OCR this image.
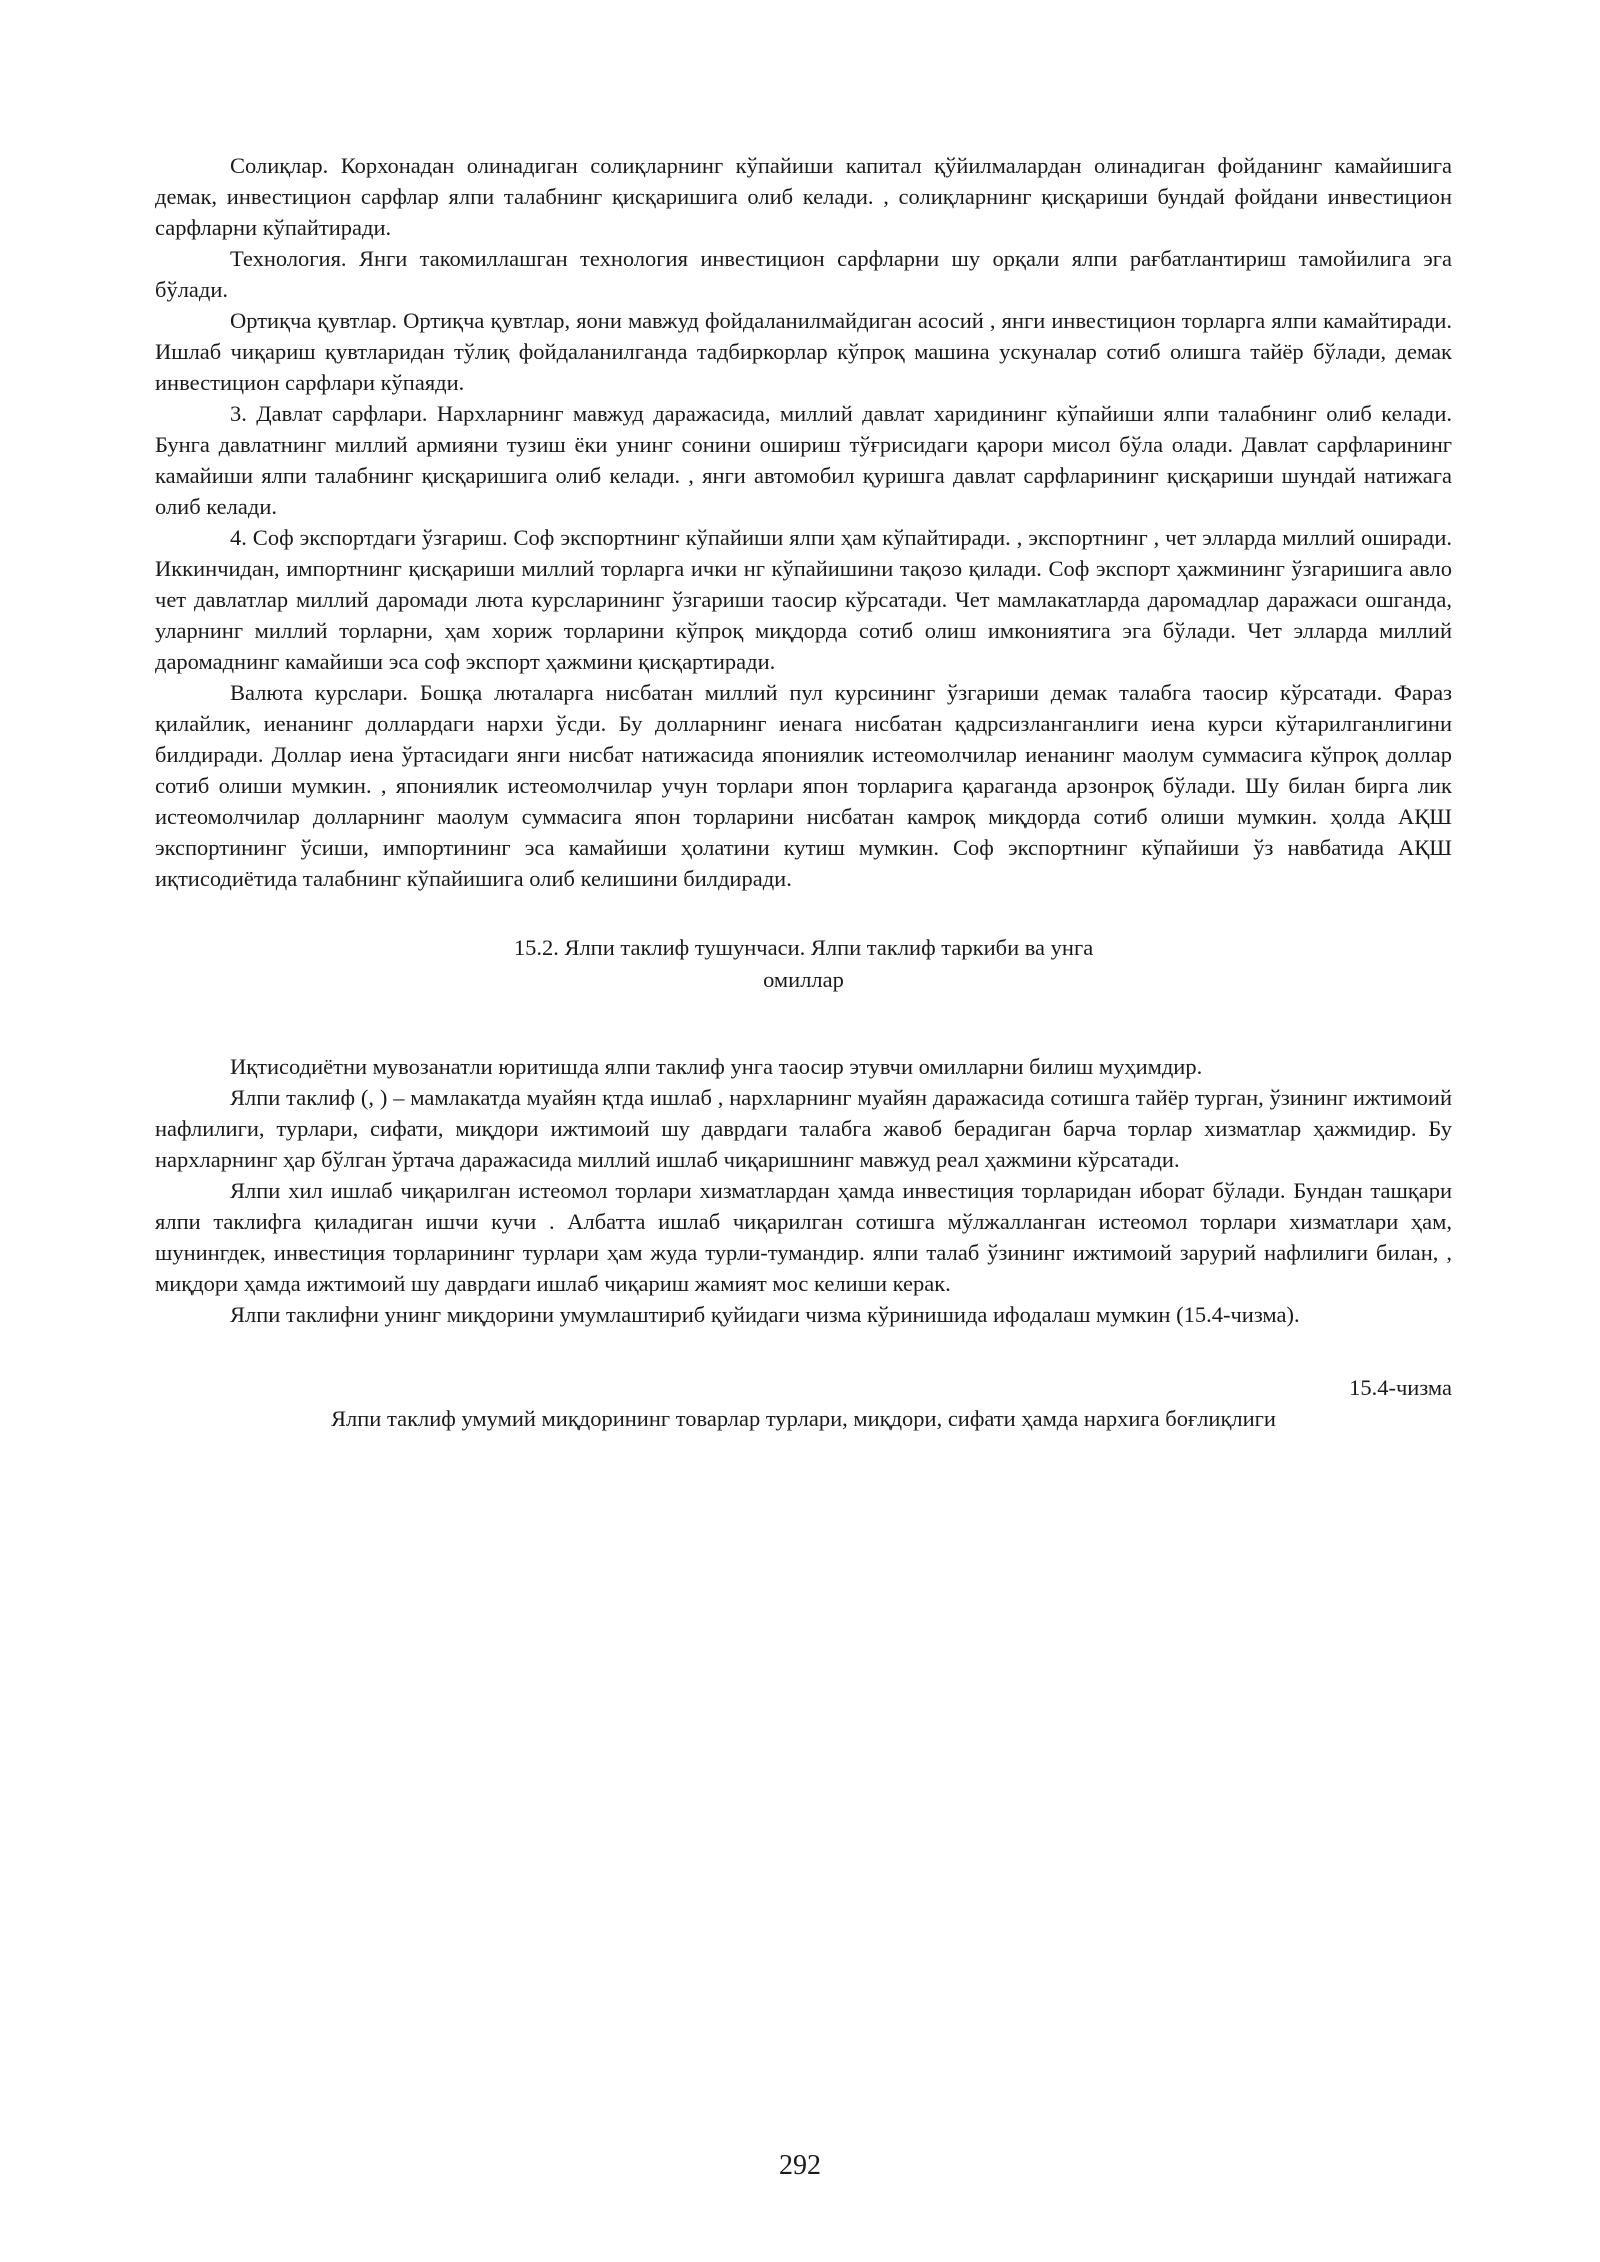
Солиқлар. Корхонадан олинадиган солиқларнинг кўпайиши капитал қўйилмалардан олинадиган фойданинг камайишига демак, инвестицион сарфлар ялпи талабнинг қисқаришига олиб келади. , солиқларнинг қисқариши бундай фойдани инвестицион сарфларни кўпайтиради.

Технология. Янги такомиллашган технология инвестицион сарфларни шу орқали ялпи рағбатлантириш тамойилига эга бўлади.

Ортиқча қувтлар. Ортиқча қувтлар, яони мавжуд фойдаланилмайдиган асосий , янги инвестицион торларга ялпи камайтиради. Ишлаб чиқариш қувтларидан тўлиқ фойдаланилганда тадбиркорлар кўпроқ машина ускуналар сотиб олишга тайёр бўлади, демак инвестицион сарфлари кўпаяди.

3. Давлат сарфлари. Нархларнинг мавжуд даражасида, миллий давлат харидининг кўпайиши ялпи талабнинг олиб келади. Бунга давлатнинг миллий армияни тузиш ёки унинг сонини ошириш тўғрисидаги қарори мисол бўла олади. Давлат сарфларининг камайиши ялпи талабнинг қисқаришига олиб келади. , янги автомобил қуришга давлат сарфларининг қисқариши шундай натижага олиб келади.

4. Соф экспортдаги ўзгариш. Соф экспортнинг кўпайиши ялпи ҳам кўпайтиради. , экспортнинг , чет элларда миллий оширади. Иккинчидан, импортнинг қисқариши миллий торларга ички нг кўпайишини тақозо қилади. Соф экспорт ҳажмининг ўзгаришига авло чет давлатлар миллий даромади люта курсларининг ўзгариши таосир кўрсатади. Чет мамлакатларда даромадлар даражаси ошганда, уларнинг миллий торларни, ҳам хориж торларини кўпроқ миқдорда сотиб олиш имкониятига эга бўлади. Чет элларда миллий даромаднинг камайиши эса соф экспорт ҳажмини қисқартиради.

Валюта курслари. Бошқа люталарга нисбатан миллий пул курсининг ўзгариши демак талабга таосир кўрсатади. Фараз қилайлик, иенанинг доллардаги нархи ўсди. Бу долларнинг иенага нисбатан қадрсизланганлиги иена курси кўтарилганлигини билдиради. Доллар иена ўртасидаги янги нисбат натижасида япониялик истеомолчилар иенанинг маолум суммасига кўпроқ доллар сотиб олиши мумкин. , япониялик истеомолчилар учун торлари япон торларига қараганда арзонроқ бўлади. Шу билан бирга лик истеомолчилар долларнинг маолум суммасига япон торларини нисбатан камроқ миқдорда сотиб олиши мумкин. ҳолда АҚШ экспортининг ўсиши, импортининг эса камайиши ҳолатини кутиш мумкин. Соф экспортнинг кўпайиши ўз навбатида АҚШ иқтисодиётида талабнинг кўпайишига олиб келишини билдиради.

15.2. Ялпи таклиф тушунчаси. Ялпи таклиф таркиби ва унга
омиллар

Иқтисодиётни мувозанатли юритишда ялпи таклиф унга таосир этувчи омилларни билиш муҳимдир.

Ялпи таклиф (, ) – мамлакатда муайян қтда ишлаб , нархларнинг муайян даражасида сотишга тайёр турган, ўзининг ижтимоий нафлилиги, турлари, сифати, миқдори ижтимоий шу даврдаги талабга жавоб берадиган барча торлар хизматлар ҳажмидир. Бу нархларнинг ҳар бўлган ўртача даражасида миллий ишлаб чиқаришнинг мавжуд реал ҳажмини кўрсатади.

Ялпи хил ишлаб чиқарилган истеомол торлари хизматлардан ҳамда инвестиция торларидан иборат бўлади. Бундан ташқари ялпи таклифга қиладиган ишчи кучи . Албатта ишлаб чиқарилган сотишга мўлжалланган истеомол торлари хизматлари ҳам, шунингдек, инвестиция торларининг турлари ҳам жуда турли-тумандир. ялпи талаб ўзининг ижтимоий зарурий нафлилиги билан, , миқдори ҳамда ижтимоий шу даврдаги ишлаб чиқариш жамият мос келиши керак.

Ялпи таклифни унинг миқдорини умумлаштириб қуйидаги чизма кўринишида ифодалаш мумкин (15.4-чизма).

15.4-чизма

Ялпи таклиф умумий миқдорининг товарлар турлари, миқдори, сифати ҳамда нархига боғлиқлиги

292
